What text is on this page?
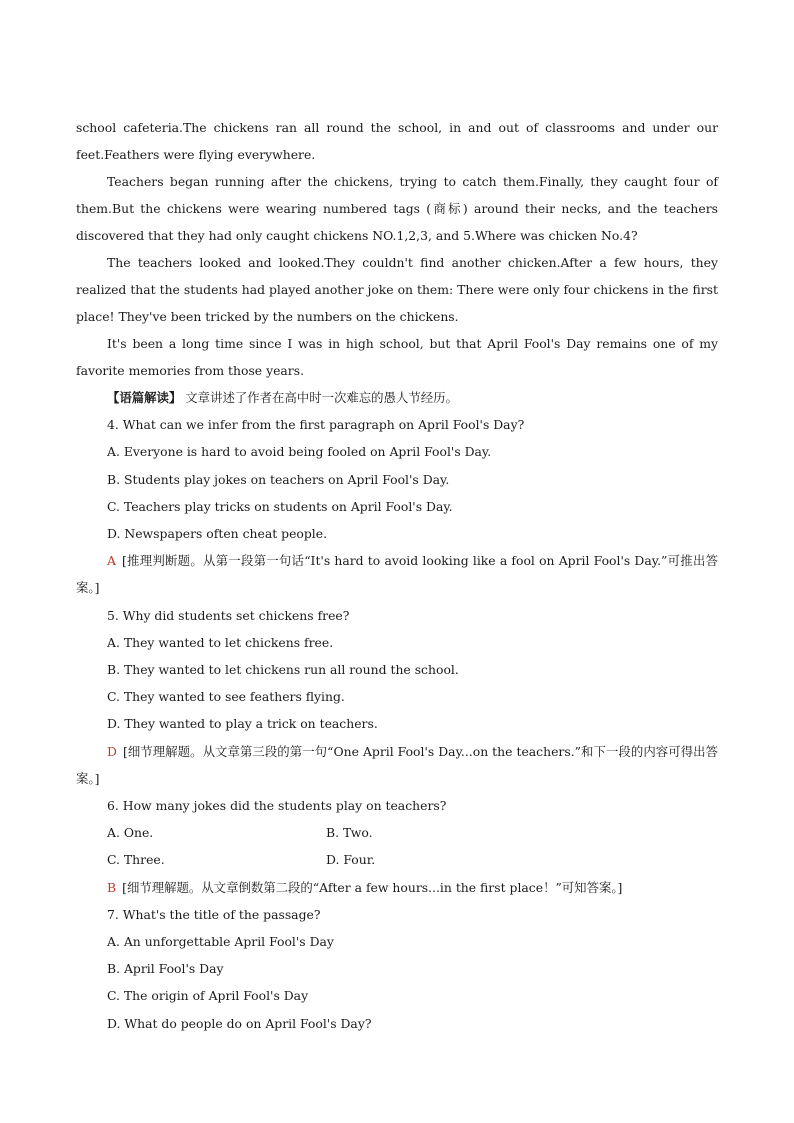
school cafeteria.The chickens ran all round the school, in and out of classrooms and under our feet.Feathers were flying everywhere.

Teachers began running after the chickens, trying to catch them.Finally, they caught four of them.But the chickens were wearing numbered tags (商标) around their necks, and the teachers discovered that they had only caught chickens NO.1,2,3, and 5.Where was chicken No.4?

The teachers looked and looked.They couldn't find another chicken.After a few hours, they realized that the students had played another joke on them: There were only four chickens in the first place! They've been tricked by the numbers on the chickens.

It's been a long time since I was in high school, but that April Fool's Day remains one of my favorite memories from those years.

【语篇解读】 文章讲述了作者在高中时一次难忘的愚人节经历。

4. What can we infer from the first paragraph on April Fool's Day?

A. Everyone is hard to avoid being fooled on April Fool's Day.

B. Students play jokes on teachers on April Fool's Day.

C. Teachers play tricks on students on April Fool's Day.

D. Newspapers often cheat people.

A [推理判断题。从第一段第一句话“It's hard to avoid looking like a fool on April Fool's Day.”可推出答案。]

5. Why did students set chickens free?

A. They wanted to let chickens free.

B. They wanted to let chickens run all round the school.

C. They wanted to see feathers flying.

D. They wanted to play a trick on teachers.

D [细节理解题。从文章第三段的第一句“One April Fool's Day...on the teachers.”和下一段的内容可得出答案。]

6. How many jokes did the students play on teachers?

A. One.	B. Two.
C. Three.	D. Four.

B [细节理解题。从文章倒数第二段的“After a few hours...in the first place！”可知答案。]

7. What's the title of the passage?

A. An unforgettable April Fool's Day

B. April Fool's Day

C. The origin of April Fool's Day

D. What do people do on April Fool's Day?
